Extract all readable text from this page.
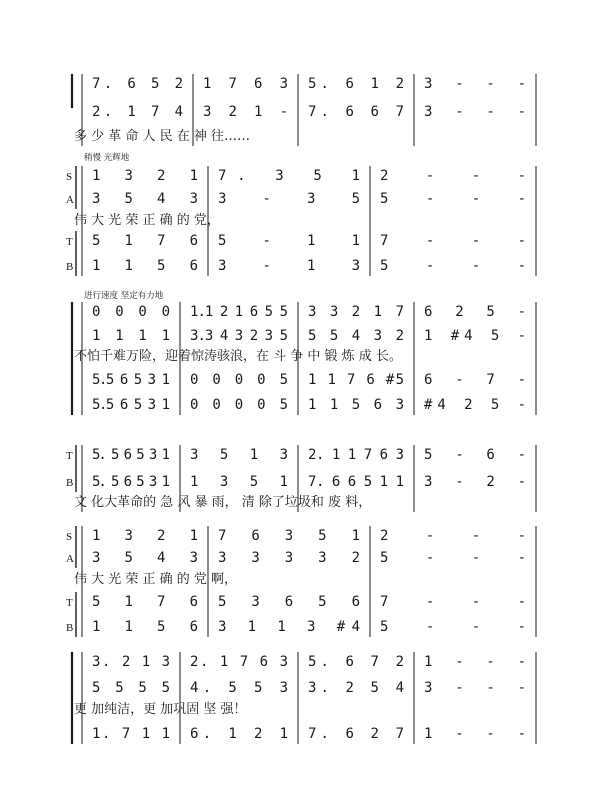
7. 6 5 2 1 7 6 3 5. 6 1 2 3 - - -
2. 1 7 4 3 2 1 - 7. 6 6 7 3 - - -
多 少 革 命 人 民 在 神 往……
稍慢 光辉地
S 1 3 2 1 7. 3 5 1 2 - - -
A 3 5 4 3 3 - 3 5 5 - - -
伟 大 光 荣 正 确 的 党，
T 5 1 7 6 5 - 1 1 7 - - -
B 1 1 5 6 3 - 1 3 5 - - -
进行速度 坚定有力地
0 0 0 0 1.1 2 1 6 5 5 3 3 2 1 7 6 2 5 -
1 1 1 1 3.3 4 3 2 3 5 5 5 4 3 2 1 #4 5 -
不怕千难万险，迎着惊涛骇浪，在 斗 争 中 锻 炼 成 长。
5.5 6 5 3 1 0 0 0 0 5 1 1 7 6 #5 6 - 7 -
5.5 6 5 3 1 0 0 0 0 5 1 1 5 6 3 #4 2 5 -
T 5. 5 6 5 3 1 3 5 1 3 2. 1 1 7 6 3 5 - 6 -
B 5. 5 6 5 3 1 1 3 5 1 7. 6 6 5 1 1 3 - 2 -
文 化大革命的 急 风 暴 雨， 清 除了垃圾和 废 料，
S 1 3 2 1 7 6 3 5 1 2 - - -
A 3 5 4 3 3 3 3 3 2 5 - - -
伟 大 光 荣 正 确 的 党 啊，
T 5 1 7 6 5 3 6 5 6 7 - - -
B 1 1 5 6 3 1 1 3 #4 5 - - -
3. 2 1 3 2. 1 7 6 3 5. 6 7 2 1 - - -
5 5 5 5 4. 5 5 3 3. 2 5 4 3 - - -
更 加纯洁，更 加巩固 坚 强！
1. 7 1 1 6. 1 2 1 7. 6 2 7 1 - - -
